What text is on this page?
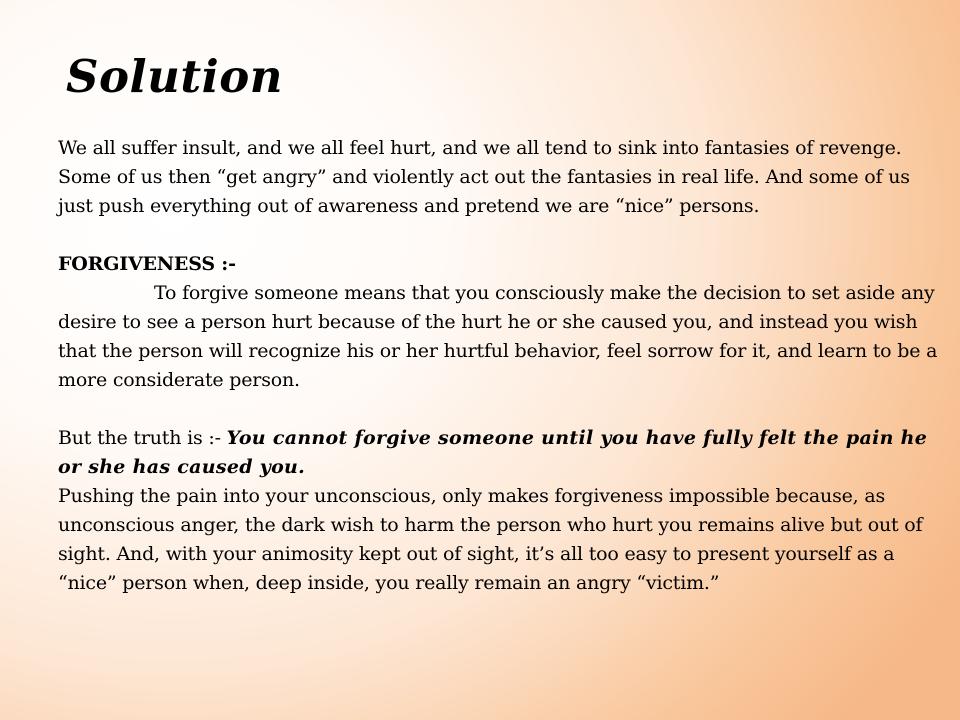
Solution

We all suffer insult, and we all feel hurt, and we all tend to sink into fantasies of revenge. Some of us then “get angry” and violently act out the fantasies in real life. And some of us just push everything out of awareness and pretend we are “nice” persons.

FORGIVENESS :-

To forgive someone means that you consciously make the decision to set aside any desire to see a person hurt because of the hurt he or she caused you, and instead you wish that the person will recognize his or her hurtful behavior, feel sorrow for it, and learn to be a more considerate person.

But the truth is :- You cannot forgive someone until you have fully felt the pain he or she has caused you.

Pushing the pain into your unconscious, only makes forgiveness impossible because, as unconscious anger, the dark wish to harm the person who hurt you remains alive but out of sight. And, with your animosity kept out of sight, it’s all too easy to present yourself as a “nice” person when, deep inside, you really remain an angry “victim.”
